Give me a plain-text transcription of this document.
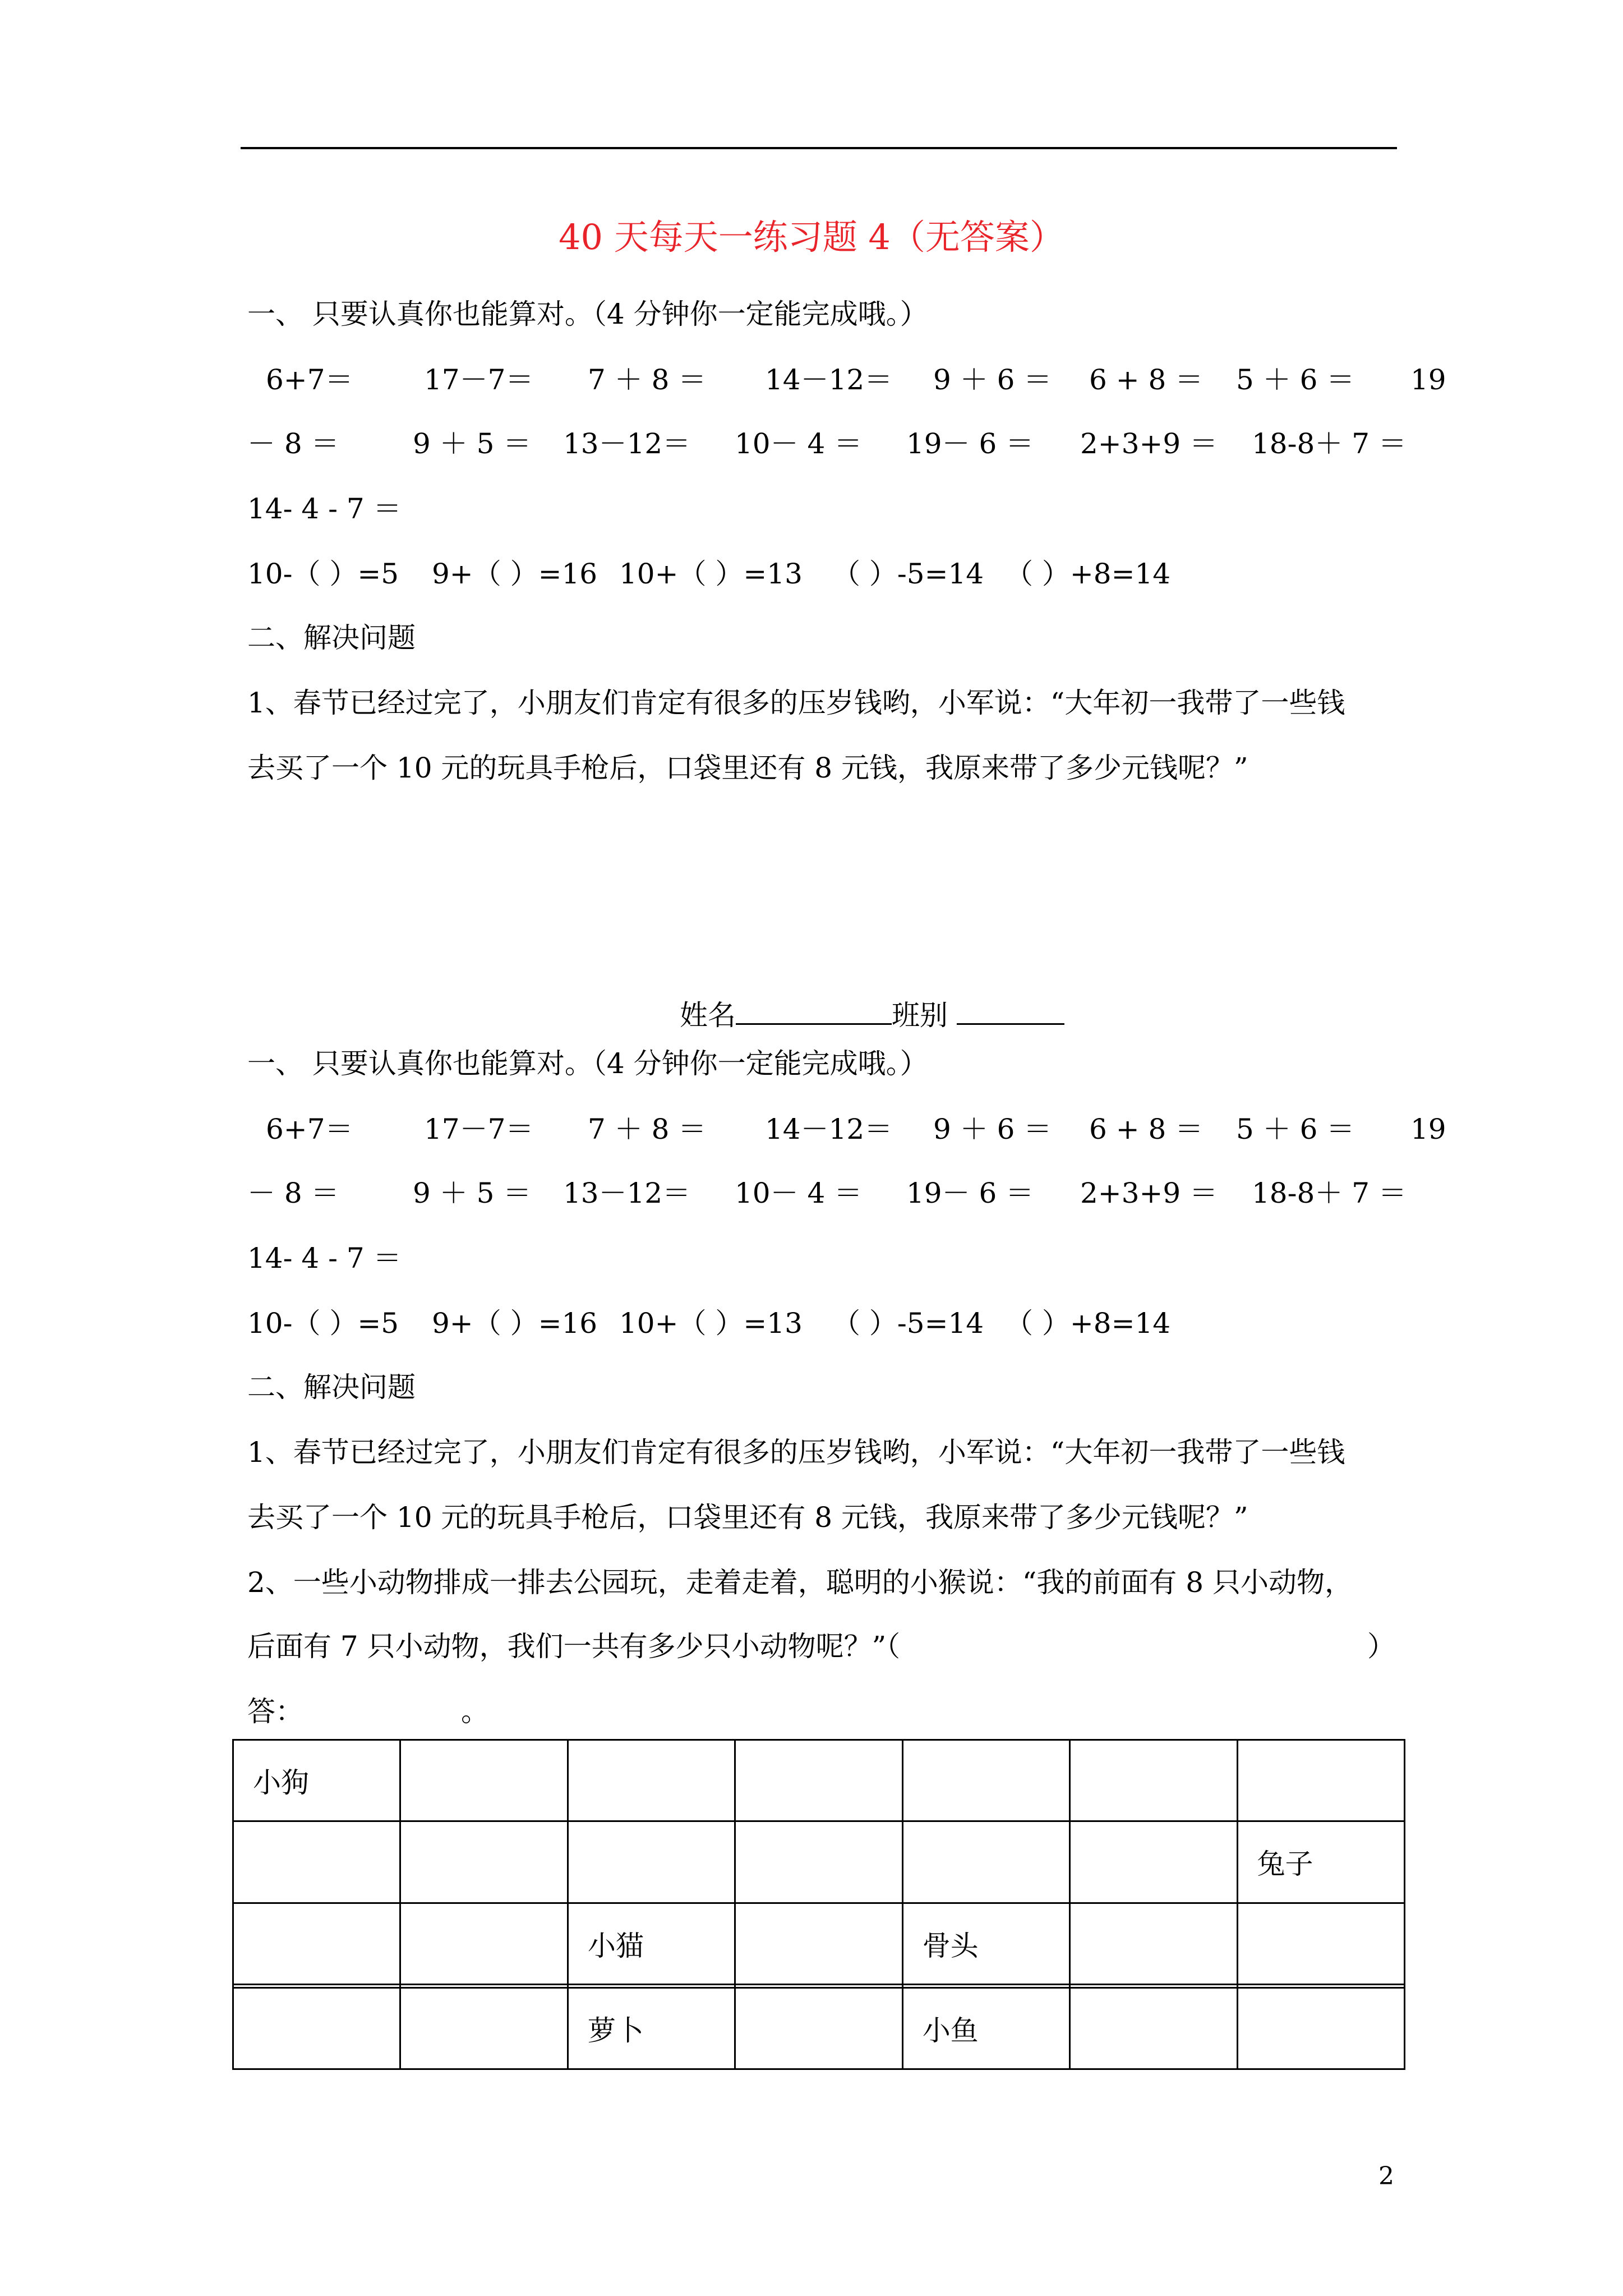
40 天每天一练习题 4（无答案）
一、 只要认真你也能算对。（4 分钟你一定能完成哦。）
6+7＝	17－7＝ 7 ＋ 8 ＝ 14－12＝ 9 ＋ 6 ＝ 6 + 8 ＝ 5 ＋ 6 ＝ 19
－ 8 ＝	9 ＋ 5 ＝ 13－12＝ 10－ 4 ＝ 19－ 6 ＝ 2+3+9 ＝ 18-8＋ 7 ＝
14- 4 - 7 ＝
10-（ ）=5 9+（ ）=16 10+（ ）=13 （ ）-5=14 （ ）+8=14
二、解决问题
1、春节已经过完了，小朋友们肯定有很多的压岁钱哟，小军说：“大年初一我带了一些钱
去买了一个 10 元的玩具手枪后，口袋里还有 8 元钱，我原来带了多少元钱呢？”
姓名	班别
一、 只要认真你也能算对。（4 分钟你一定能完成哦。）
6+7＝	17－7＝ 7 ＋ 8 ＝ 14－12＝ 9 ＋ 6 ＝ 6 + 8 ＝ 5 ＋ 6 ＝ 19
－ 8 ＝	9 ＋ 5 ＝ 13－12＝ 10－ 4 ＝ 19－ 6 ＝ 2+3+9 ＝ 18-8＋ 7 ＝
14- 4 - 7 ＝
10-（ ）=5 9+（ ）=16 10+（ ）=13 （ ）-5=14 （ ）+8=14
二、解决问题
1、春节已经过完了，小朋友们肯定有很多的压岁钱哟，小军说：“大年初一我带了一些钱
去买了一个 10 元的玩具手枪后，口袋里还有 8 元钱，我原来带了多少元钱呢？”
2、一些小动物排成一排去公园玩，走着走着，聪明的小猴说：“我的前面有 8 只小动物，
后面有 7 只小动物，我们一共有多少只小动物呢？”（	）
答：	。
小狗						
						兔子
		小猫		骨头		

		萝卜		小鱼		
2
